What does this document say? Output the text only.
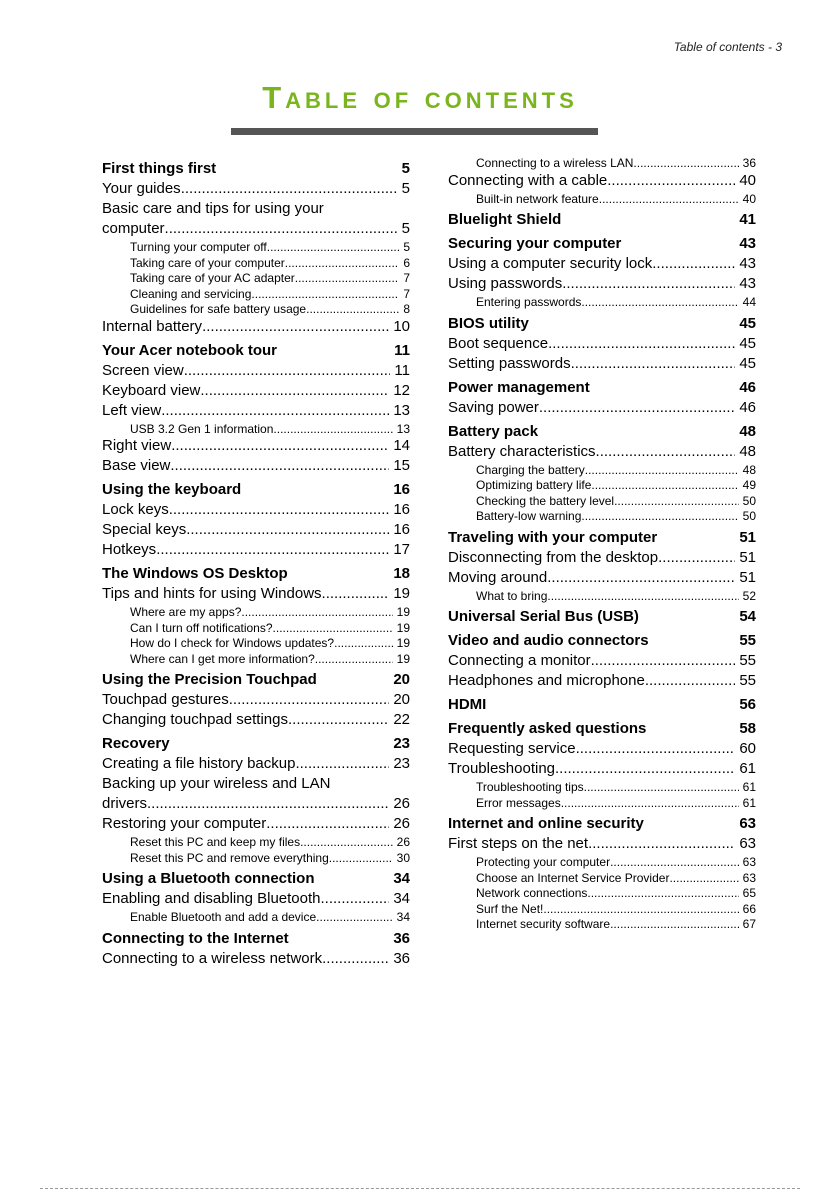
Table of contents - 3
Table of contents
First things first	5
Your guides .....	5
Basic care and tips for using your
computer .....	5
Turning your computer off .....	5
Taking care of your computer .....	6
Taking care of your AC adapter .....	7
Cleaning and servicing .....	7
Guidelines for safe battery usage .....	8
Internal battery .....	10
Your Acer notebook tour	11
Screen view .....	11
Keyboard view .....	12
Left view .....	13
USB 3.2 Gen 1 information .....	13
Right view .....	14
Base view .....	15
Using the keyboard	16
Lock keys .....	16
Special keys .....	16
Hotkeys .....	17
The Windows OS Desktop	18
Tips and hints for using Windows .....	19
Where are my apps? .....	19
Can I turn off notifications? .....	19
How do I check for Windows updates? .....	19
Where can I get more information? .....	19
Using the Precision Touchpad	20
Touchpad gestures .....	20
Changing touchpad settings .....	22
Recovery	23
Creating a file history backup .....	23
Backing up your wireless and LAN
drivers .....	26
Restoring your computer .....	26
Reset this PC and keep my files .....	26
Reset this PC and remove everything .....	30
Using a Bluetooth connection	34
Enabling and disabling Bluetooth .....	34
Enable Bluetooth and add a device .....	34
Connecting to the Internet	36
Connecting to a wireless network .....	36
Connecting to a wireless LAN .....	36
Connecting with a cable .....	40
Built-in network feature .....	40
Bluelight Shield	41
Securing your computer	43
Using a computer security lock .....	43
Using passwords .....	43
Entering passwords .....	44
BIOS utility	45
Boot sequence .....	45
Setting passwords .....	45
Power management	46
Saving power .....	46
Battery pack	48
Battery characteristics .....	48
Charging the battery .....	48
Optimizing battery life .....	49
Checking the battery level .....	50
Battery-low warning .....	50
Traveling with your computer	51
Disconnecting from the desktop .....	51
Moving around .....	51
What to bring .....	52
Universal Serial Bus (USB)	54
Video and audio connectors	55
Connecting a monitor .....	55
Headphones and microphone .....	55
HDMI	56
Frequently asked questions	58
Requesting service .....	60
Troubleshooting .....	61
Troubleshooting tips .....	61
Error messages .....	61
Internet and online security	63
First steps on the net .....	63
Protecting your computer .....	63
Choose an Internet Service Provider .....	63
Network connections .....	65
Surf the Net! .....	66
Internet security software .....	67
